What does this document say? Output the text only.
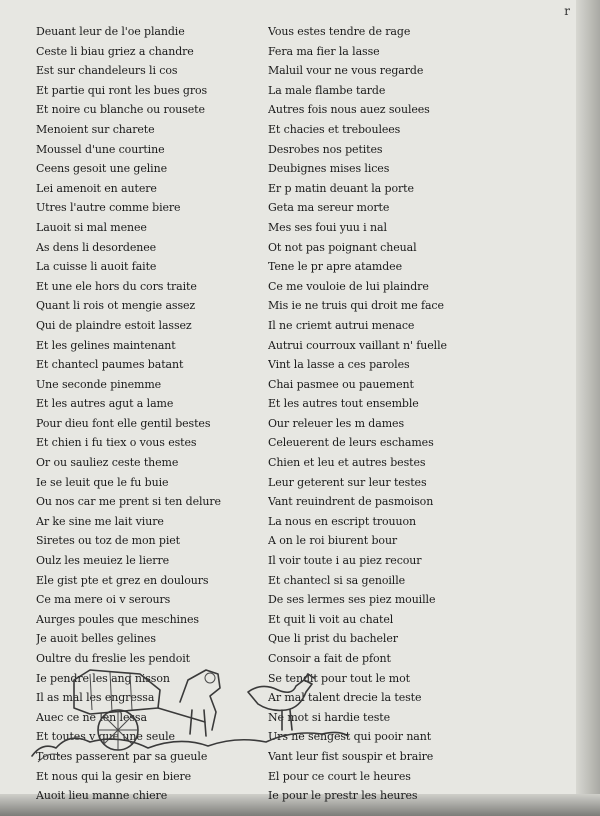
r
Deuant leur de l'oe plandie
Ceste li biau griez a chandre
Est sur chandeleurs li cos
Et partie qui ront les bues gros
Et noire cu blanche ou rousete
Menoient sur charete
Moussel d'une courtine
Ceens gesoit une geline
Lei amenoit en autere
Utres l'autre comme biere
Lauoit si mal menee
As dens li desordenee
La cuisse li auoit faite
Et une ele hors du cors traite
Quant li rois ot mengie assez
Qui de plaindre estoit lassez
Et les gelines maintenant
Et chantecl paumes batant
Une seconde pinemme
Et les autres agut a lame
Pour dieu font elle gentil bestes
Et chien i fu tiex o vous estes
Or ou sauliez ceste theme
Ie se leuit que le fu buie
Ou nos car me prent si ten delure
Ar ke sine me lait viure
Siretes ou toz de mon piet
Oulz les meuiez le lierre
Ele gist pte et grez en doulours
Ce ma mere oi v serours
Aurges poules que meschines
Je auoit belles gelines
Oultre du freslie les pendoit
Ie pendre les ang nisson
Il as mal les engressa
Auec ce ne len lessa
Et toutes v que une seule
Toutes passerent par sa gueule
Et nous qui la gesir en biere
Auoit lieu manne chiere
Vous estes tendre de rage
Fera ma fier la lasse
Maluil vour ne vous regarde
La male flambe tarde
Autres fois nous auez soulees
Et chacies et treboulees
Desrobes nos petites
Deubignes mises lices
Er p matin deuant la porte
Geta ma sereur morte
Mes ses foui yuu i nal
Ot not pas poignant cheual
Tene le pr apre atamdee
Ce me vouloie de lui plaindre
Mis ie ne truis qui droit me face
Il ne criemt autrui menace
Autrui courroux vaillant n' fuelle
Vint la lasse a ces paroles
Chai pasmee ou pauement
Et les autres tout ensemble
Our releuer les m dames
Celeuerent de leurs eschames
Chien et leu et autres bestes
Leur geterent sur leur testes
Vant reuindrent de pasmoison
La nous en escript trouuon
A on le roi biurent bour
Il voir toute i au piez recour
Et chantecl si sa genoille
De ses lermes ses piez mouille
Et quit li voit au chatel
Que li prist du bacheler
Consoir a fait de pfont
Se tendit pour tout le mot
Ar mal talent drecie la teste
Ne mot si hardie teste
Urs ne sengest qui pooir nant
Vant leur fist souspir et braire
El pour ce court le heures
Ie pour le prestr les heures
